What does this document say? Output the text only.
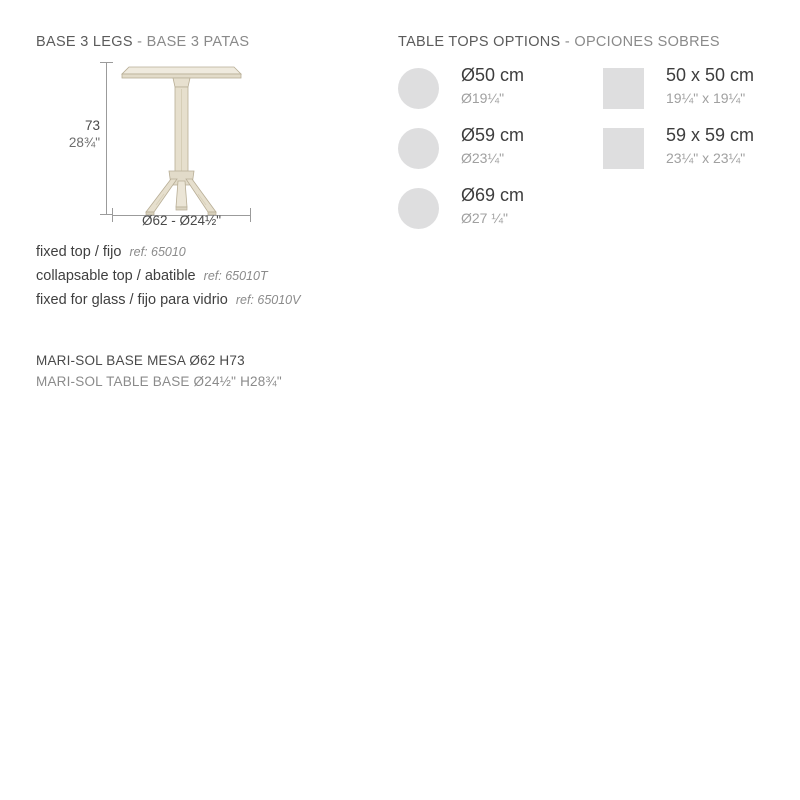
BASE 3 LEGS - BASE 3 PATAS	TABLE TOPS OPTIONS - OPCIONES SOBRES
73
28¾"
Ø62 - Ø24½"
fixed top / fijo ref: 65010
collapsable top / abatible ref: 65010T
fixed for glass / fijo para vidrio ref: 65010V
MARI-SOL BASE MESA Ø62 H73
MARI-SOL TABLE BASE Ø24½" H28¾"
Ø50 cm
Ø19¼"
Ø59 cm
Ø23¼"
Ø69 cm
Ø27 ¼"
50 x 50 cm
19¼" x 19¼"
59 x 59 cm
23¼" x 23¼"
